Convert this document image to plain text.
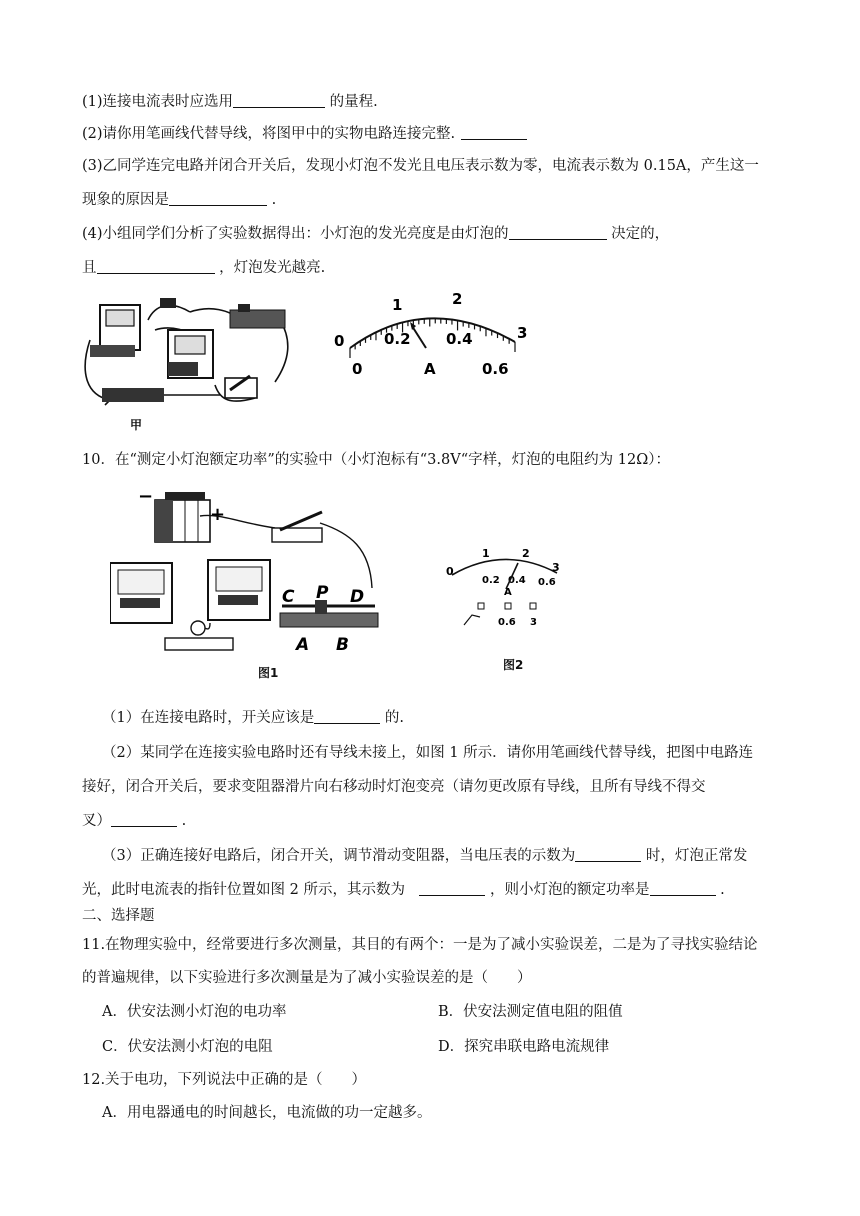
(1)连接电流表时应选用	的量程.
(2)请你用笔画线代替导线，将图甲中的实物电路连接完整.
(3)乙同学连完电路并闭合开关后，发现小灯泡不发光且电压表示数为零，电流表示数为 0.15A，产生这一
现象的原因是	.
(4)小组同学们分析了实验数据得出：小灯泡的发光亮度是由灯泡的	决定的，
且	，灯泡发光越亮.
甲
0
1	2
3
0
0.2 0.4
0.6
A
10．在“测定小灯泡额定功率”的实验中（小灯泡标有“3.8V“字样，灯泡的电阻约为 12Ω）：
−
+
C P D
A B
图1
0
1	2
3
0.2 0.4 0.6
A
0.6 3
图2
（1）在连接电路时，开关应该是	的.
（2）某同学在连接实验电路时还有导线未接上，如图 1 所示．请你用笔画线代替导线，把图中电路连
接好，闭合开关后，要求变阻器滑片向右移动时灯泡变亮（请勿更改原有导线，且所有导线不得交
叉）	.
（3）正确连接好电路后，闭合开关，调节滑动变阻器，当电压表的示数为	时，灯泡正常发
光，此时电流表的指针位置如图 2 所示，其示数为　	，则小灯泡的额定功率是	.
二、选择题
11.在物理实验中，经常要进行多次测量，其目的有两个：一是为了减小实验误差，二是为了寻找实验结论
的普遍规律，以下实验进行多次测量是为了减小实验误差的是（　　）
A．伏安法测小灯泡的电功率	B．伏安法测定值电阻的阻值
C．伏安法测小灯泡的电阻	D．探究串联电路电流规律
12.关于电功，下列说法中正确的是（　　）
A．用电器通电的时间越长，电流做的功一定越多。
